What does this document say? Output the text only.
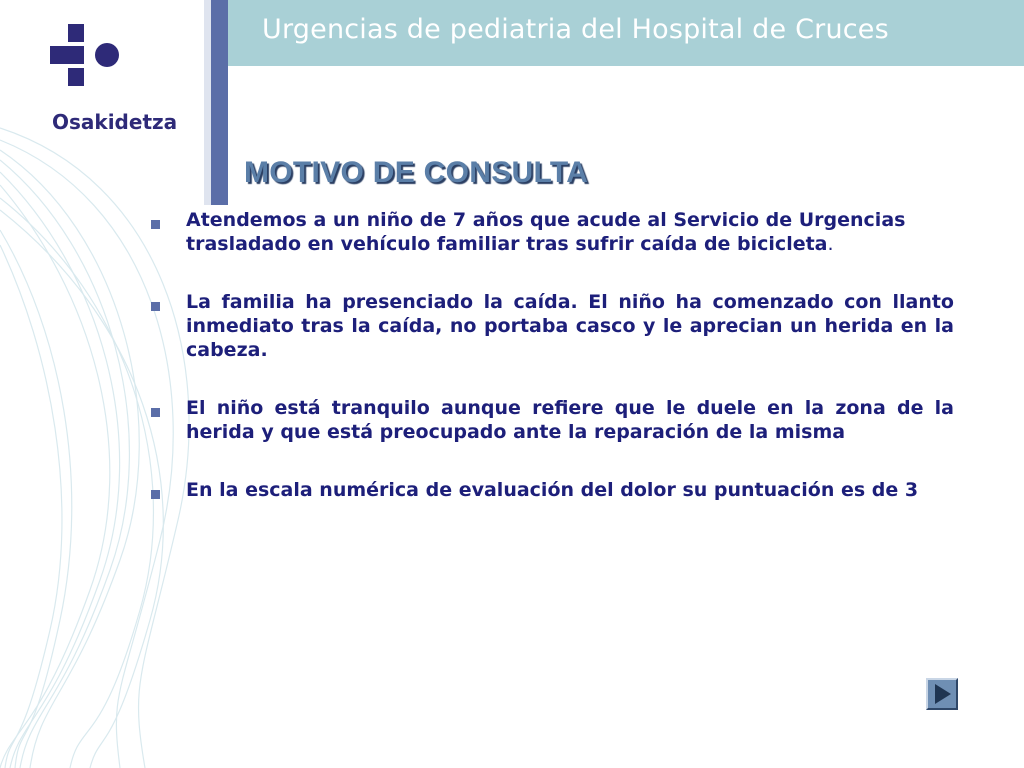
Urgencias de pediatria del Hospital de Cruces
Osakidetza
MOTIVO DE CONSULTA
Atendemos a un niño de 7 años que acude al Servicio de Urgencias trasladado en vehículo familiar tras sufrir caída de bicicleta.
La familia ha presenciado la caída. El niño ha comenzado con llanto inmediato tras la caída, no portaba casco y le aprecian un herida en la cabeza.
El niño está tranquilo aunque refiere que le duele en la zona de la herida y que está preocupado ante la reparación de la misma
En la escala numérica de evaluación del dolor su puntuación es de 3
